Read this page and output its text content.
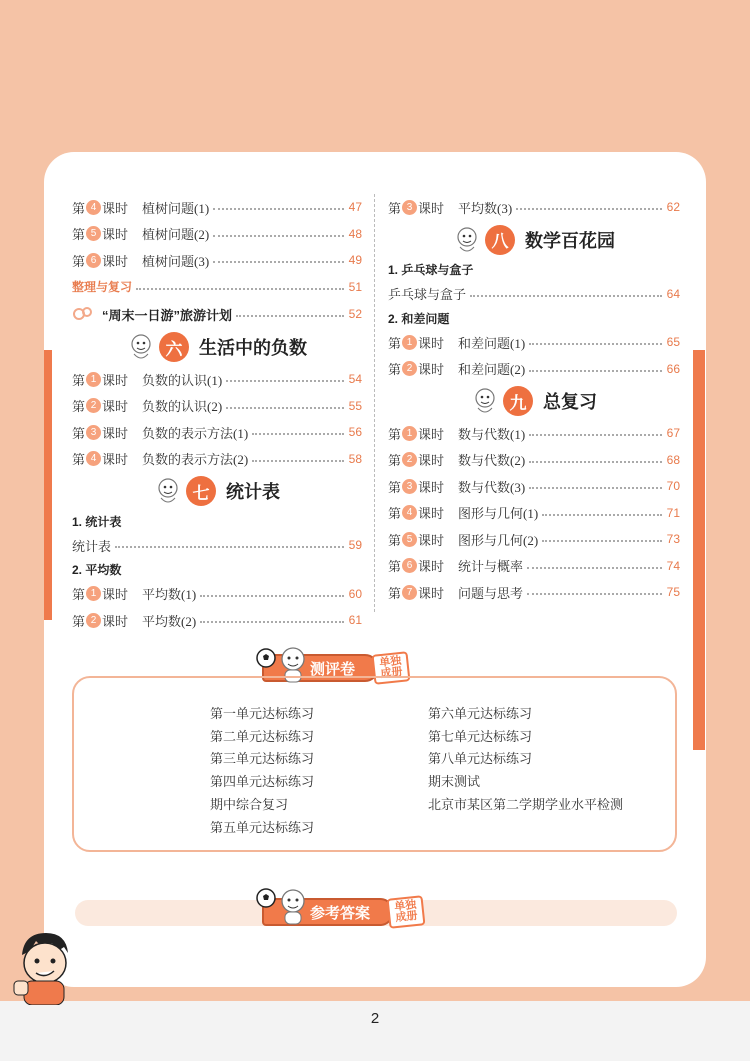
第 4 课时 植树问题(1)	47
第 5 课时 植树问题(2)	48
第 6 课时 植树问题(3)	49
整理与复习	51
“周末一日游”旅游计划	52
六 生活中的负数
第 1 课时 负数的认识(1)	54
第 2 课时 负数的认识(2)	55
第 3 课时 负数的表示方法(1)	56
第 4 课时 负数的表示方法(2)	58
七 统计表
1. 统计表
统计表	59
2. 平均数
第 1 课时 平均数(1)	60
第 2 课时 平均数(2)	61
第 3 课时 平均数(3)	62
八 数学百花园
1. 乒乓球与盒子
乒乓球与盒子	64
2. 和差问题
第 1 课时 和差问题(1)	65
第 2 课时 和差问题(2)	66
九 总复习
第 1 课时 数与代数(1)	67
第 2 课时 数与代数(2)	68
第 3 课时 数与代数(3)	70
第 4 课时 图形与几何(1)	71
第 5 课时 图形与几何(2)	73
第 6 课时 统计与概率	74
第 7 课时 问题与思考	75
测评卷	单独成册
第一单元达标练习
第二单元达标练习
第三单元达标练习
第四单元达标练习
期中综合复习
第五单元达标练习
第六单元达标练习
第七单元达标练习
第八单元达标练习
期末测试
北京市某区第二学期学业水平检测
参考答案	单独成册
2
